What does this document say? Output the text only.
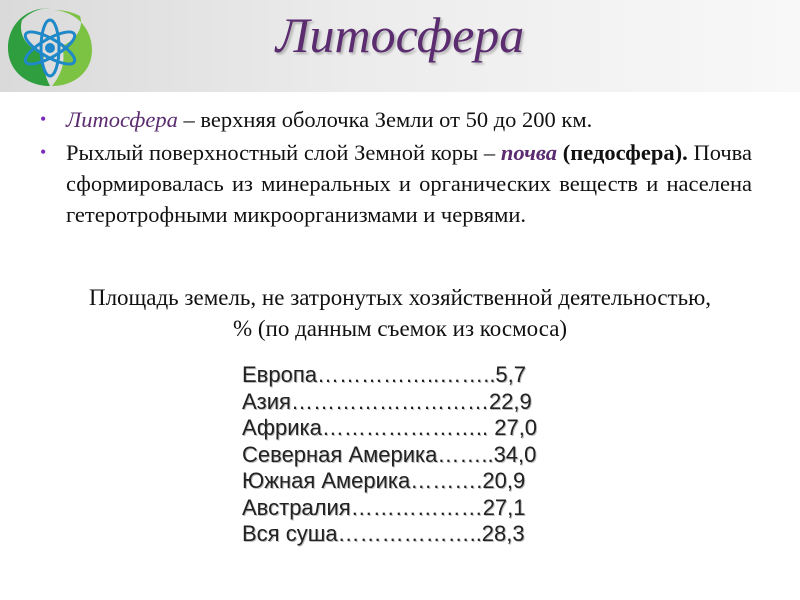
Литосфера
• Литосфера – верхняя оболочка Земли от 50 до 200 км.
• Рыхлый поверхностный слой Земной коры – почва (педосфера). Почва сформировалась из минеральных и органических веществ и населена гетеротрофными микроорганизмами и червями.
Площадь земель, не затронутых хозяйственной деятельностью, % (по данным съемок из космоса)
Европа……………..……..5,7
Азия………………………22,9
Африка………………….. 27,0
Северная Америка……..34,0
Южная Америка……….20,9
Австралия………………27,1
Вся суша………………..28,3
